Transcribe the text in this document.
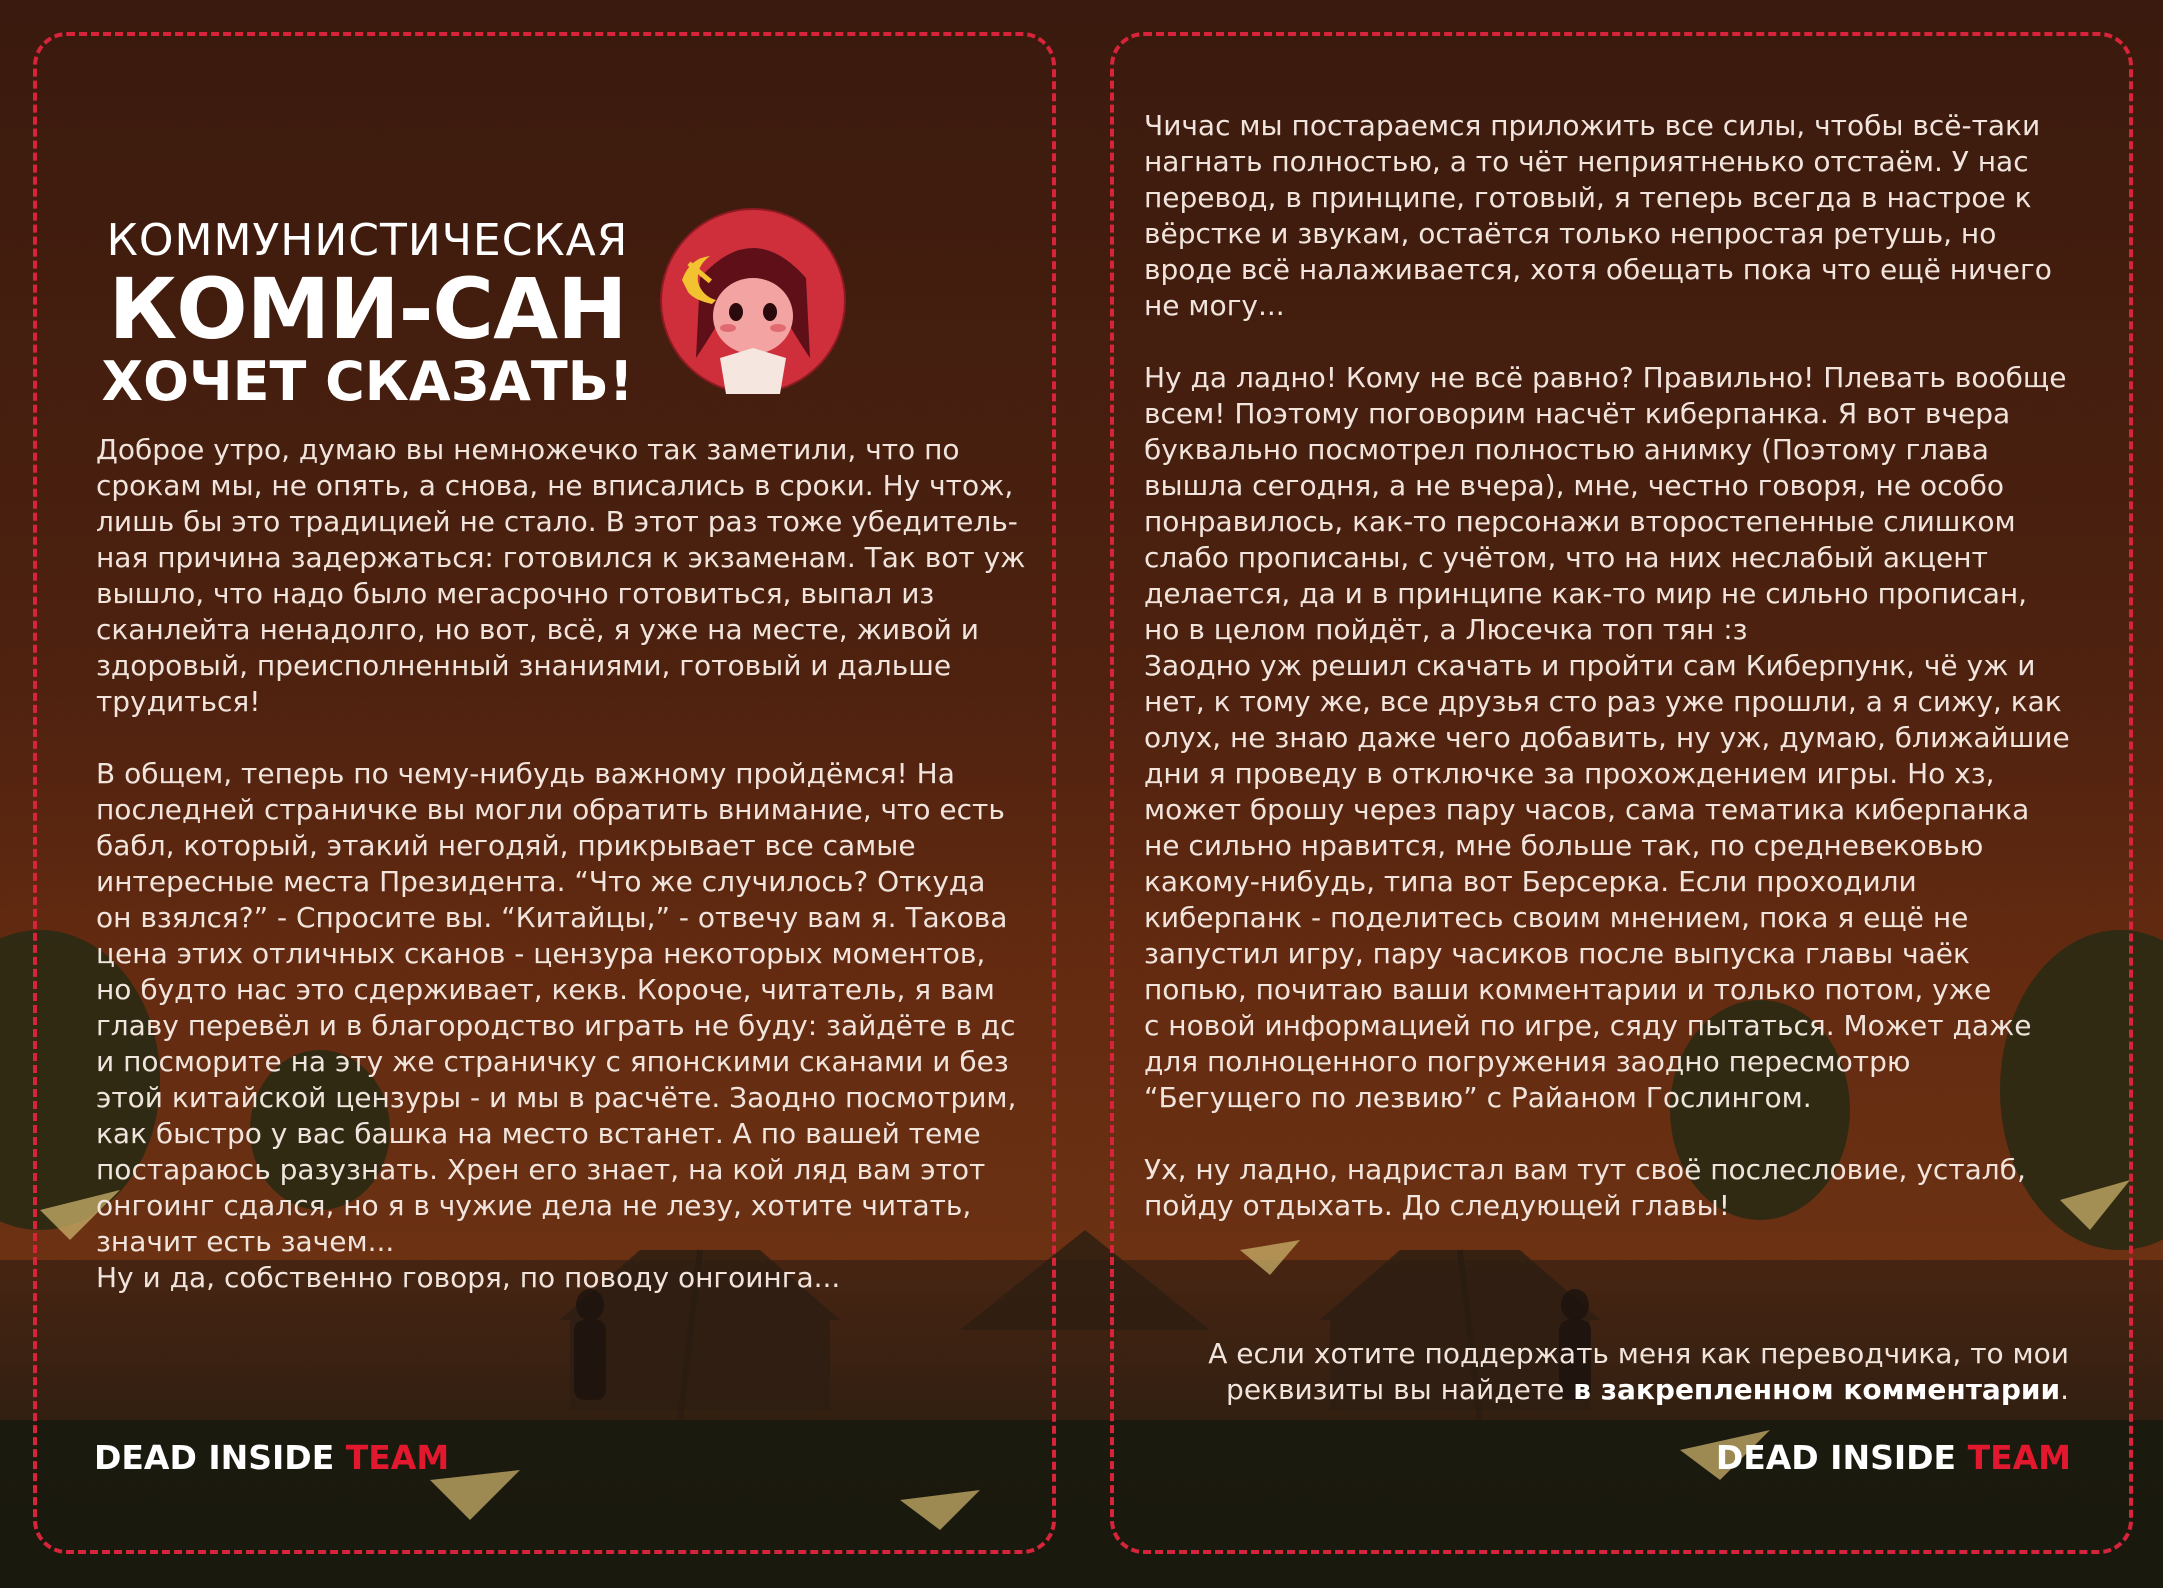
КОММУНИСТИЧЕСКАЯ
КОМИ-САН
ХОЧЕТ СКАЗАТЬ!
Доброе утро, думаю вы немножечко так заметили, что по
срокам мы, не опять, а снова, не вписались в сроки. Ну чтож,
лишь бы это традицией не стало. В этот раз тоже убедитель-
ная причина задержаться: готовился к экзаменам. Так вот уж
вышло, что надо было мегасрочно готовиться, выпал из
сканлейта ненадолго, но вот, всё, я уже на месте, живой и
здоровый, преисполненный знаниями, готовый и дальше
трудиться!

В общем, теперь по чему-нибудь важному пройдёмся! На
последней страничке вы могли обратить внимание, что есть
бабл, который, этакий негодяй, прикрывает все самые
интересные места Президента. “Что же случилось? Откуда
он взялся?” - Спросите вы. “Китайцы,” - отвечу вам я. Такова
цена этих отличных сканов - цензура некоторых моментов,
но будто нас это сдерживает, кекв. Короче, читатель, я вам
главу перевёл и в благородство играть не буду: зайдёте в дс
и посморите на эту же страничку с японскими сканами и без
этой китайской цензуры - и мы в расчёте. Заодно посмотрим,
как быстро у вас башка на место встанет. А по вашей теме
постараюсь разузнать. Хрен его знает, на кой ляд вам этот
онгоинг сдался, но я в чужие дела не лезу, хотите читать,
значит есть зачем...
Ну и да, собственно говоря, по поводу онгоинга...
Чичас мы постараемся приложить все силы, чтобы всё-таки
нагнать полностью, а то чёт неприятненько отстаём. У нас
перевод, в принципе, готовый, я теперь всегда в настрое к
вёрстке и звукам, остаётся только непростая ретушь, но
вроде всё налаживается, хотя обещать пока что ещё ничего
не могу...

Ну да ладно! Кому не всё равно? Правильно! Плевать вообще
всем! Поэтому поговорим насчёт киберпанка. Я вот вчера
буквально посмотрел полностью анимку (Поэтому глава
вышла сегодня, а не вчера), мне, честно говоря, не особо
понравилось, как-то персонажи второстепенные слишком
слабо прописаны, с учётом, что на них неслабый акцент
делается, да и в принципе как-то мир не сильно прописан,
но в целом пойдёт, а Люсечка топ тян :з
Заодно уж решил скачать и пройти сам Киберпунк, чё уж и
нет, к тому же, все друзья сто раз уже прошли, а я сижу, как
олух, не знаю даже чего добавить, ну уж, думаю, ближайшие
дни я проведу в отключке за прохождением игры. Но хз,
может брошу через пару часов, сама тематика киберпанка
не сильно нравится, мне больше так, по средневековью
какому-нибудь, типа вот Берсерка. Если проходили
киберпанк - поделитесь своим мнением, пока я ещё не
запустил игру, пару часиков после выпуска главы чаёк
попью, почитаю ваши комментарии и только потом, уже
с новой информацией по игре, сяду пытаться. Может даже
для полноценного погружения заодно пересмотрю
“Бегущего по лезвию” с Райаном Гослингом.

Ух, ну ладно, надристал вам тут своё послесловие, усталб,
пойду отдыхать. До следующей главы!
А если хотите поддержать меня как переводчика, то мои
реквизиты вы найдете в закрепленном комментарии.
DEAD INSIDE TEAM	DEAD INSIDE TEAM
